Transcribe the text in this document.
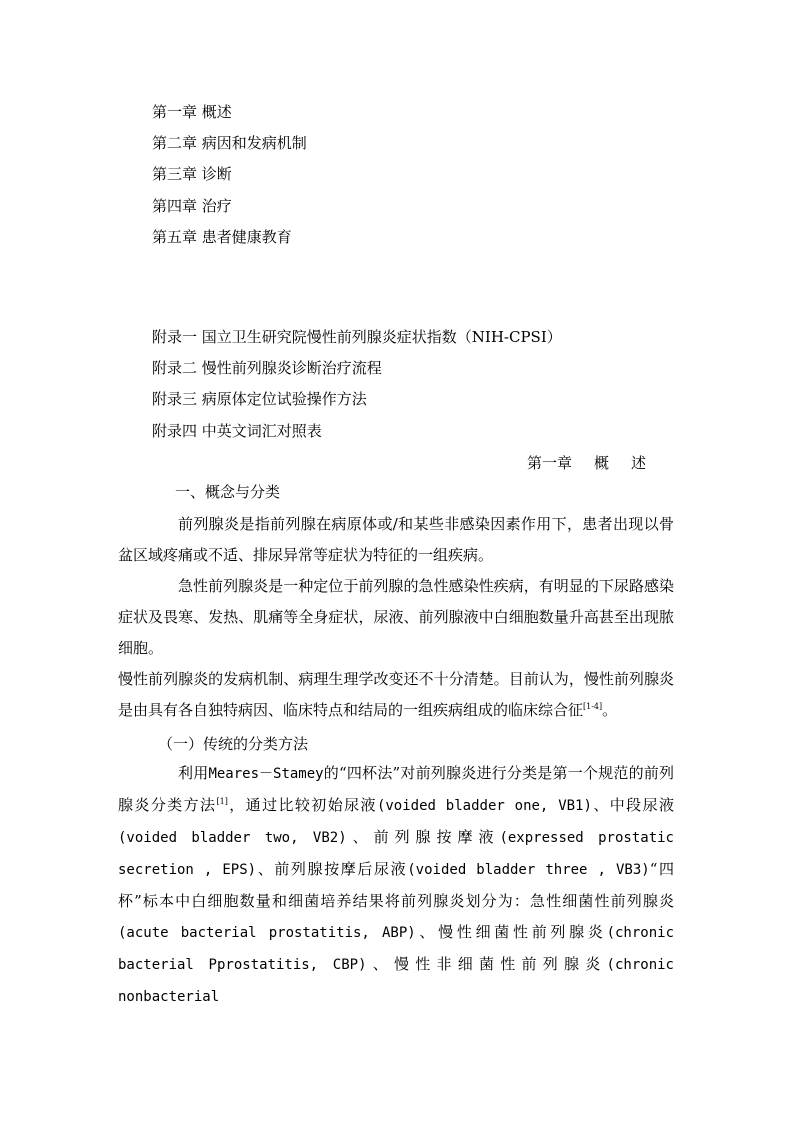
第一章 概述
第二章 病因和发病机制
第三章 诊断
第四章 治疗
第五章 患者健康教育
附录一 国立卫生研究院慢性前列腺炎症状指数（NIH-CPSI）
附录二 慢性前列腺炎诊断治疗流程
附录三 病原体定位试验操作方法
附录四 中英文词汇对照表
第一章 概 述
一、概念与分类
前列腺炎是指前列腺在病原体或/和某些非感染因素作用下，患者出现以骨盆区域疼痛或不适、排尿异常等症状为特征的一组疾病。
急性前列腺炎是一种定位于前列腺的急性感染性疾病，有明显的下尿路感染症状及畏寒、发热、肌痛等全身症状，尿液、前列腺液中白细胞数量升高甚至出现脓细胞。
慢性前列腺炎的发病机制、病理生理学改变还不十分清楚。目前认为，慢性前列腺炎是由具有各自独特病因、临床特点和结局的一组疾病组成的临床综合征[1-4]。
（一）传统的分类方法
利用Meares－Stamey的“四杯法”对前列腺炎进行分类是第一个规范的前列腺炎分类方法[1]，通过比较初始尿液(voided bladder one, VB1)、中段尿液(voided bladder two, VB2)、前列腺按摩液(expressed prostatic secretion , EPS)、前列腺按摩后尿液(voided bladder three , VB3)“四杯”标本中白细胞数量和细菌培养结果将前列腺炎划分为：急性细菌性前列腺炎(acute bacterial prostatitis, ABP)、慢性细菌性前列腺炎(chronic bacterial Pprostatitis, CBP)、慢性非细菌性前列腺炎(chronic nonbacterial
